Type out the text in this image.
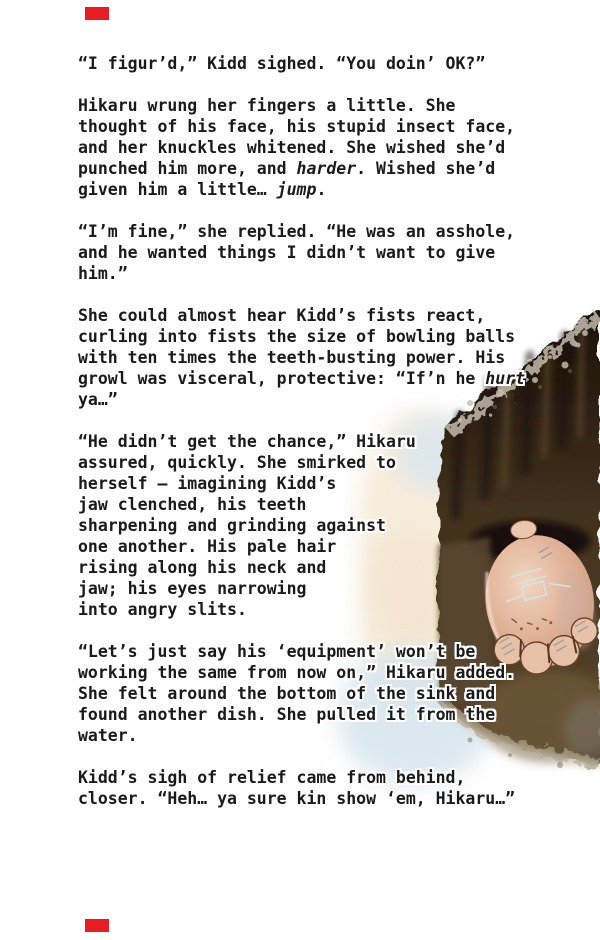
“I figur’d,” Kidd sighed. “You doin’ OK?”
Hikaru wrung her fingers a little. She
thought of his face, his stupid insect face,
and her knuckles whitened. She wished she’d
punched him more, and harder. Wished she’d
given him a little… jump.
“I’m fine,” she replied. “He was an asshole,
and he wanted things I didn’t want to give
him.”
She could almost hear Kidd’s fists react,
curling into fists the size of bowling balls
with ten times the teeth-busting power. His
growl was visceral, protective: “If’n he hurt
ya…”
“He didn’t get the chance,” Hikaru
assured, quickly. She smirked to
herself – imagining Kidd’s
jaw clenched, his teeth
sharpening and grinding against
one another. His pale hair
rising along his neck and
jaw; his eyes narrowing
into angry slits.
“Let’s just say his ‘equipment’ won’t be
working the same from now on,” Hikaru added.
She felt around the bottom of the sink and
found another dish. She pulled it from the
water.
Kidd’s sigh of relief came from behind,
closer. “Heh… ya sure kin show ‘em, Hikaru…”
